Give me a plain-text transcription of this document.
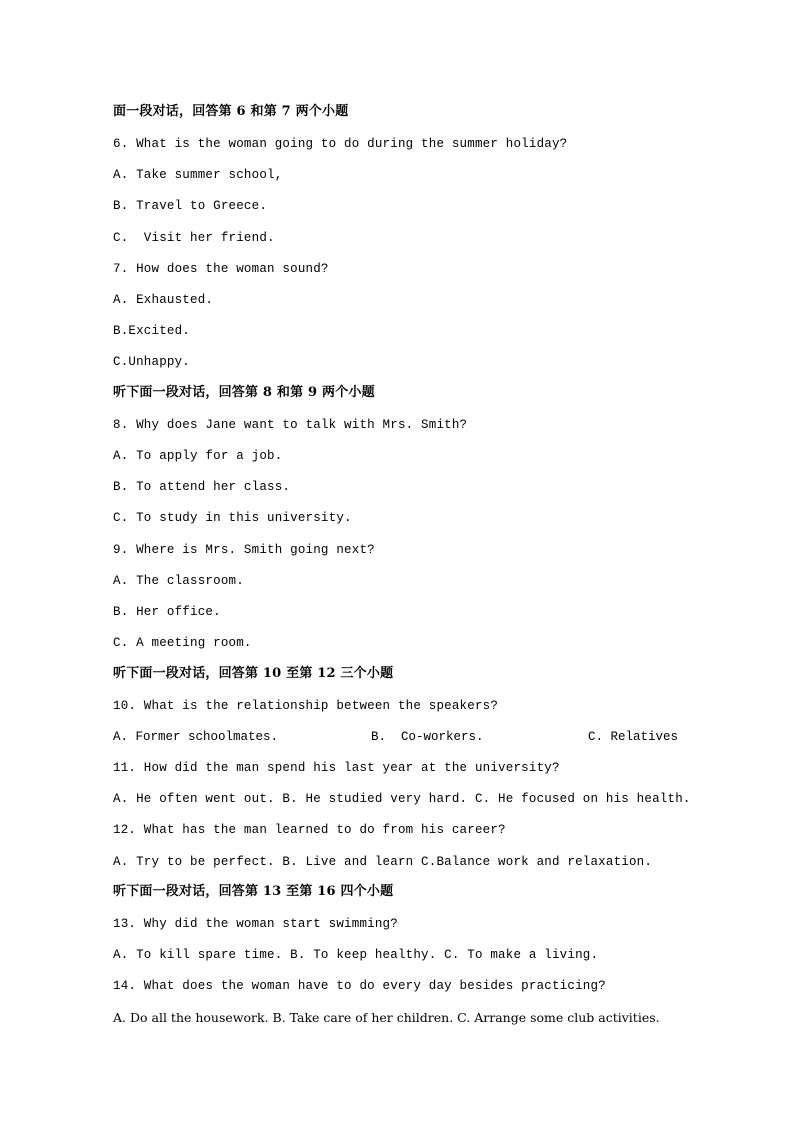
面一段对话，回答第 6 和第 7 两个小题
6. What is the woman going to do during the summer holiday?
A. Take summer school,
B. Travel to Greece.
C.  Visit her friend.
7. How does the woman sound?
A. Exhausted.
B.Excited.
C.Unhappy.
听下面一段对话，回答第 8 和第 9 两个小题
8. Why does Jane want to talk with Mrs. Smith?
A. To apply for a job.
B. To attend her class.
C. To study in this university.
9. Where is Mrs. Smith going next?
A. The classroom.
B. Her office.
C. A meeting room.
听下面一段对话，回答第 10 至第 12 三个小题
10. What is the relationship between the speakers?
A. Former schoolmates.	B.  Co-workers.	C. Relatives
11. How did the man spend his last year at the university?
A. He often went out. B. He studied very hard. C. He focused on his health.
12. What has the man learned to do from his career?
A. Try to be perfect. B. Live and learn C.Balance work and relaxation.
听下面一段对话，回答第 13 至第 16 四个小题
13. Why did the woman start swimming?
A. To kill spare time. B. To keep healthy. C. To make a living.
14. What does the woman have to do every day besides practicing?
A. Do all the housework. B. Take care of her children. C. Arrange some club activities.
